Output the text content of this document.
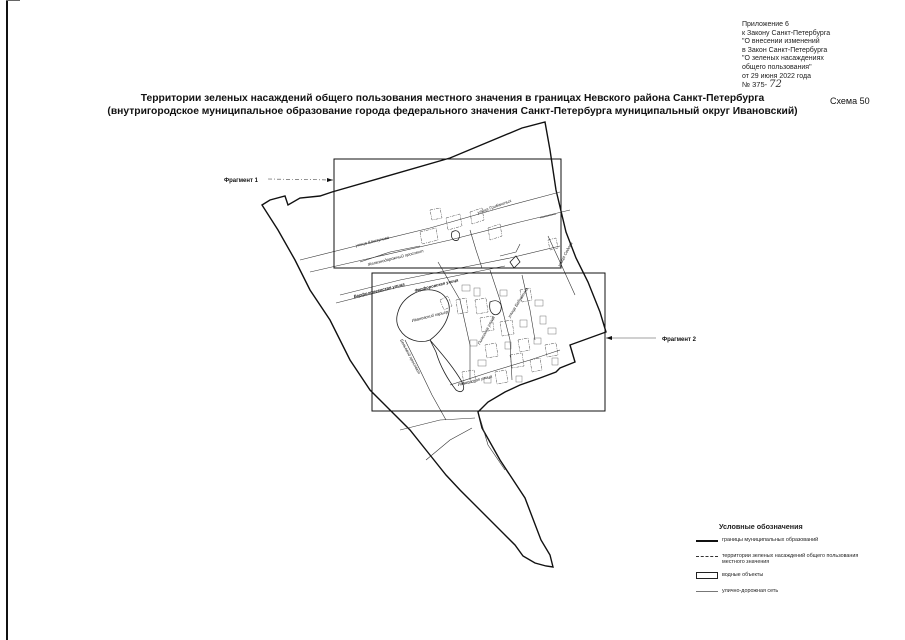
Приложение 6
к Закону Санкт-Петербурга
"О внесении изменений
в Закон Санкт-Петербурга
"О зеленых насаждениях
общего пользования"
от 29 июня 2022 года
№ 375- 72
Территории зеленых насаждений общего пользования местного значения в границах Невского района Санкт-Петербурга
(внутригородское муниципальное образование города федерального значения Санкт-Петербурга муниципальный округ Ивановский)
Схема 50
Фрагмент 1
Фрагмент 2
улица Грибакиных
улица Шелгунова
Железнодорожный проспект
Варфоломеевская улица Фарфоровская улица
улица Бабушкина
улица Седова
Ивановский карьер
Бельевой проспект
Ивановская улица
Пинегина улица
Условные обозначения
границы муниципальных образований
территории зеленых насаждений общего пользования местного значения
водные объекты
улично-дорожная сеть
